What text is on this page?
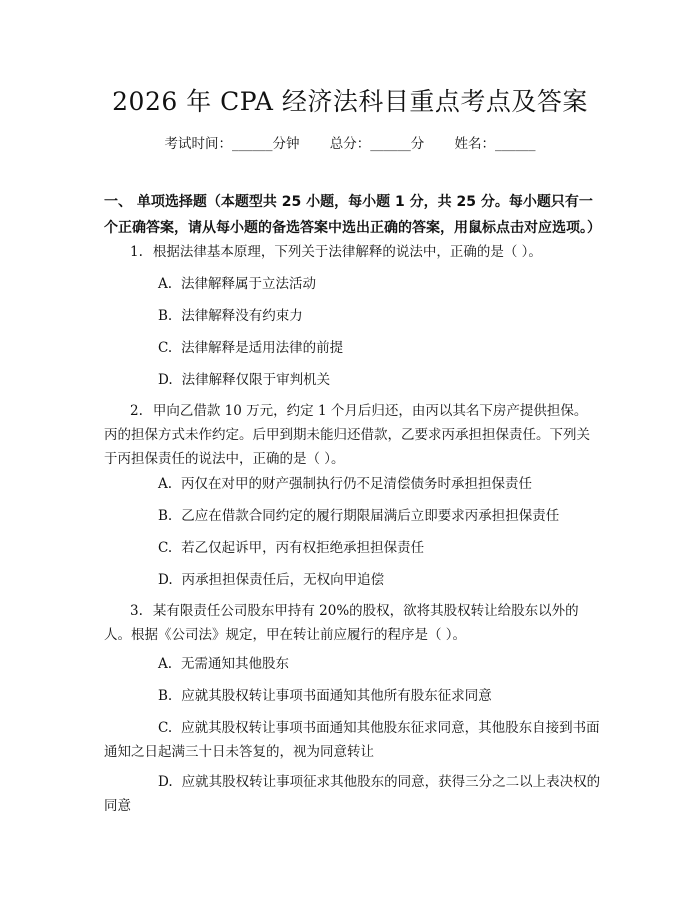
2026 年 CPA 经济法科目重点考点及答案
考试时间：______分钟 总分：______分 姓名：______
一、 单项选择题（本题型共 25 小题，每小题 1 分，共 25 分。每小题只有一个正确答案，请从每小题的备选答案中选出正确的答案，用鼠标点击对应选项。）
1. 根据法律基本原理，下列关于法律解释的说法中，正确的是（ ）。
A. 法律解释属于立法活动
B. 法律解释没有约束力
C. 法律解释是适用法律的前提
D. 法律解释仅限于审判机关
2. 甲向乙借款 10 万元，约定 1 个月后归还，由丙以其名下房产提供担保。丙的担保方式未作约定。后甲到期未能归还借款，乙要求丙承担担保责任。下列关于丙担保责任的说法中，正确的是（ ）。
A. 丙仅在对甲的财产强制执行仍不足清偿债务时承担担保责任
B. 乙应在借款合同约定的履行期限届满后立即要求丙承担担保责任
C. 若乙仅起诉甲，丙有权拒绝承担担保责任
D. 丙承担担保责任后，无权向甲追偿
3. 某有限责任公司股东甲持有 20%的股权，欲将其股权转让给股东以外的人。根据《公司法》规定，甲在转让前应履行的程序是（ ）。
A. 无需通知其他股东
B. 应就其股权转让事项书面通知其他所有股东征求同意
C. 应就其股权转让事项书面通知其他股东征求同意，其他股东自接到书面通知之日起满三十日未答复的，视为同意转让
D. 应就其股权转让事项征求其他股东的同意，获得三分之二以上表决权的同意
